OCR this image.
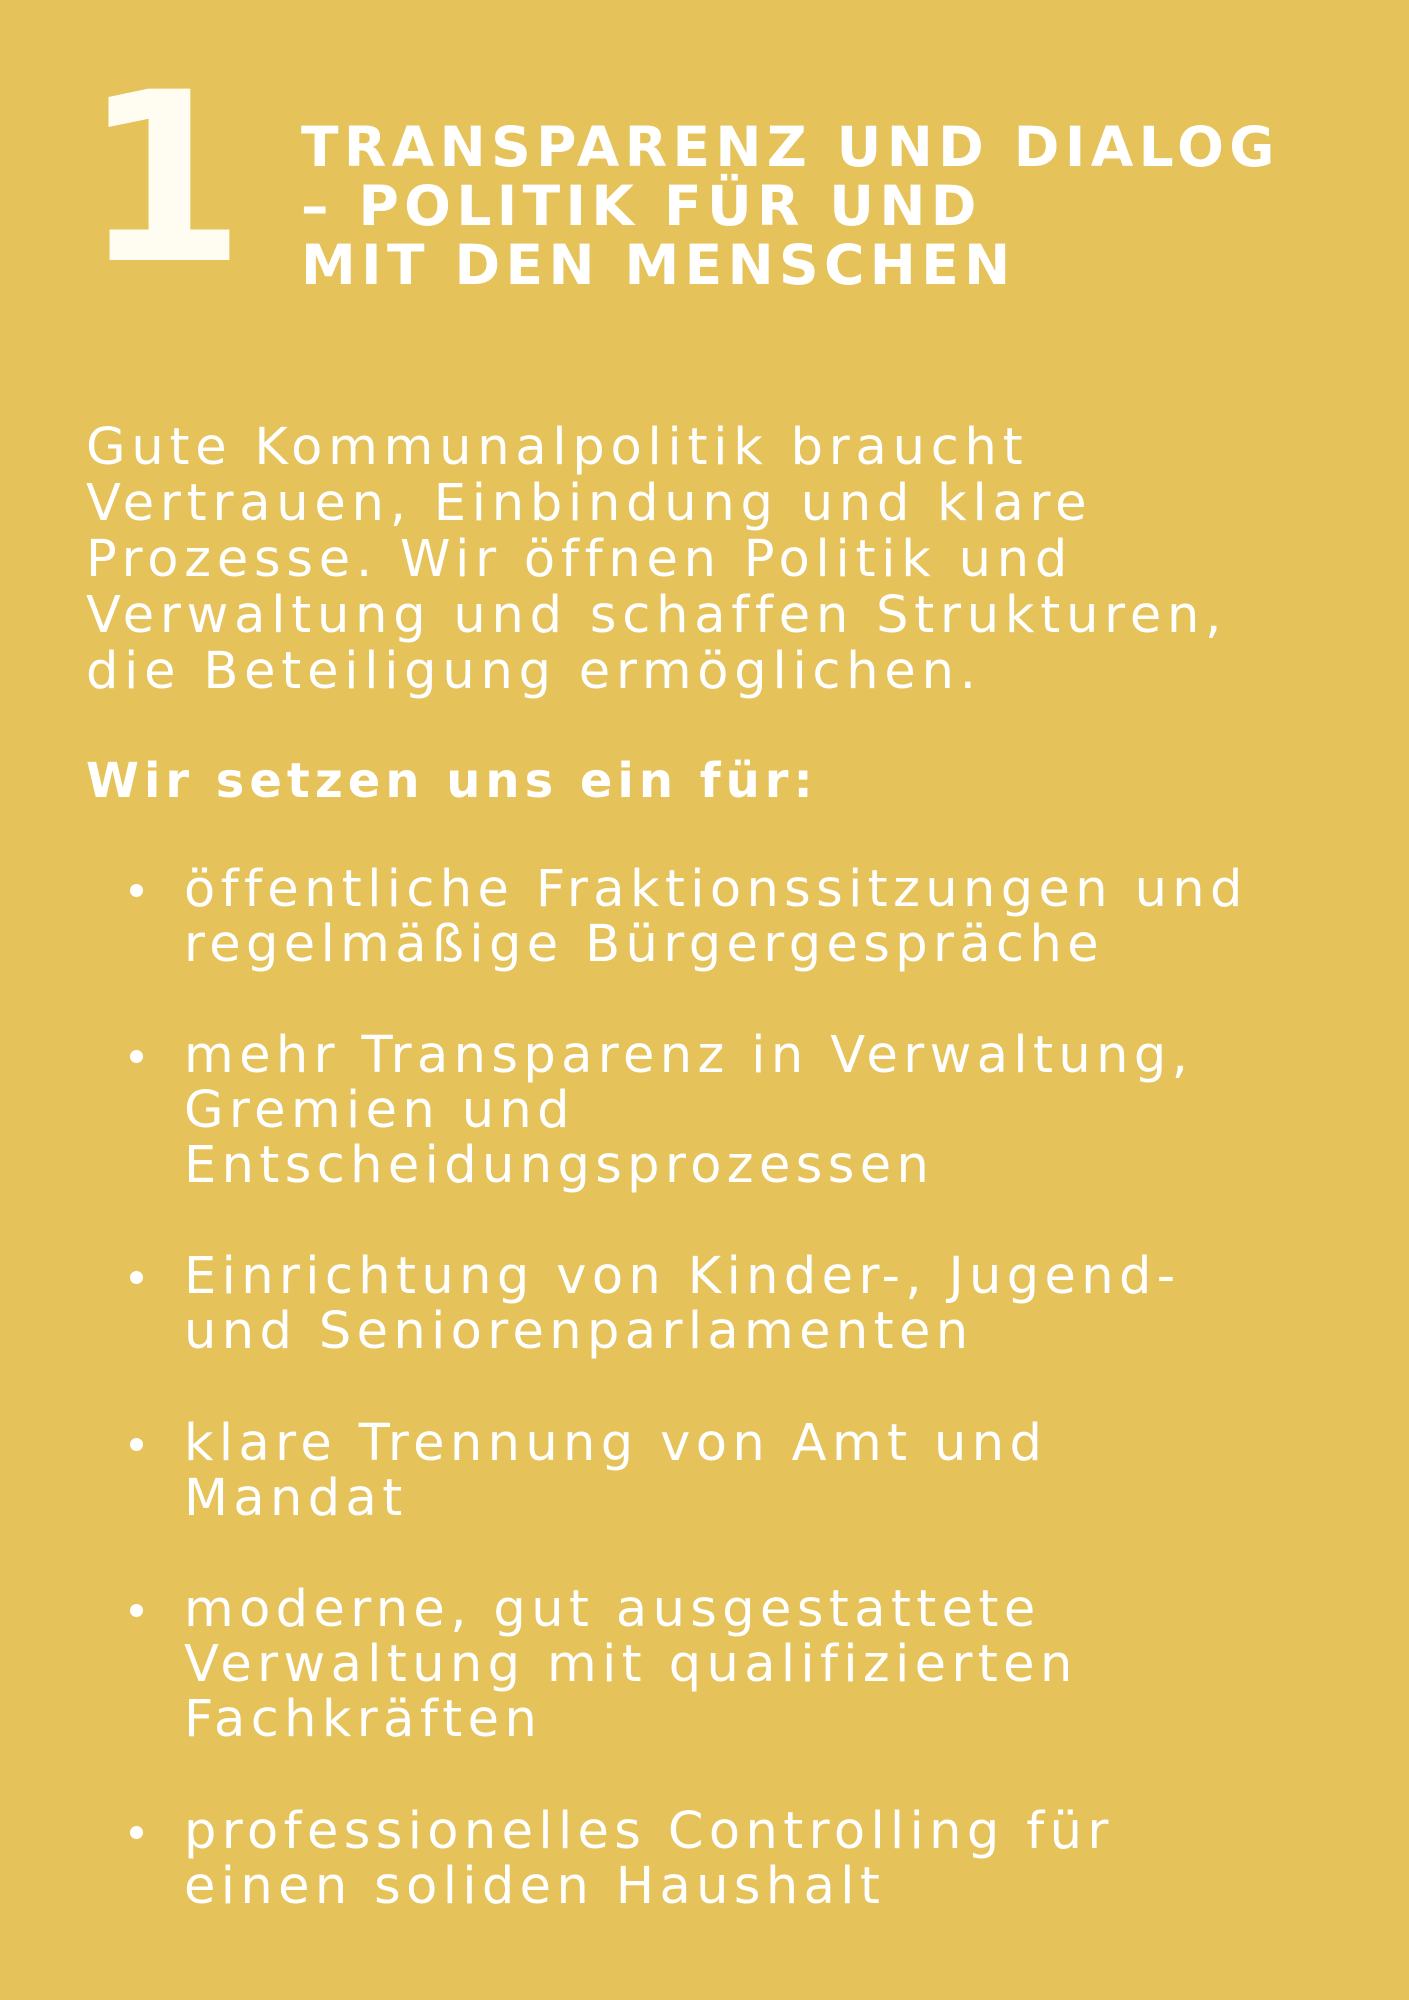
1 TRANSPARENZ UND DIALOG
– POLITIK FÜR UND
MIT DEN MENSCHEN
Gute Kommunalpolitik braucht
Vertrauen, Einbindung und klare
Prozesse. Wir öffnen Politik und
Verwaltung und schaffen Strukturen,
die Beteiligung ermöglichen.
Wir setzen uns ein für:
öffentliche Fraktionssitzungen und
regelmäßige Bürgergespräche
mehr Transparenz in Verwaltung,
Gremien und
Entscheidungsprozessen
Einrichtung von Kinder-, Jugend-
und Seniorenparlamenten
klare Trennung von Amt und
Mandat
moderne, gut ausgestattete
Verwaltung mit qualifizierten
Fachkräften
professionelles Controlling für
einen soliden Haushalt
